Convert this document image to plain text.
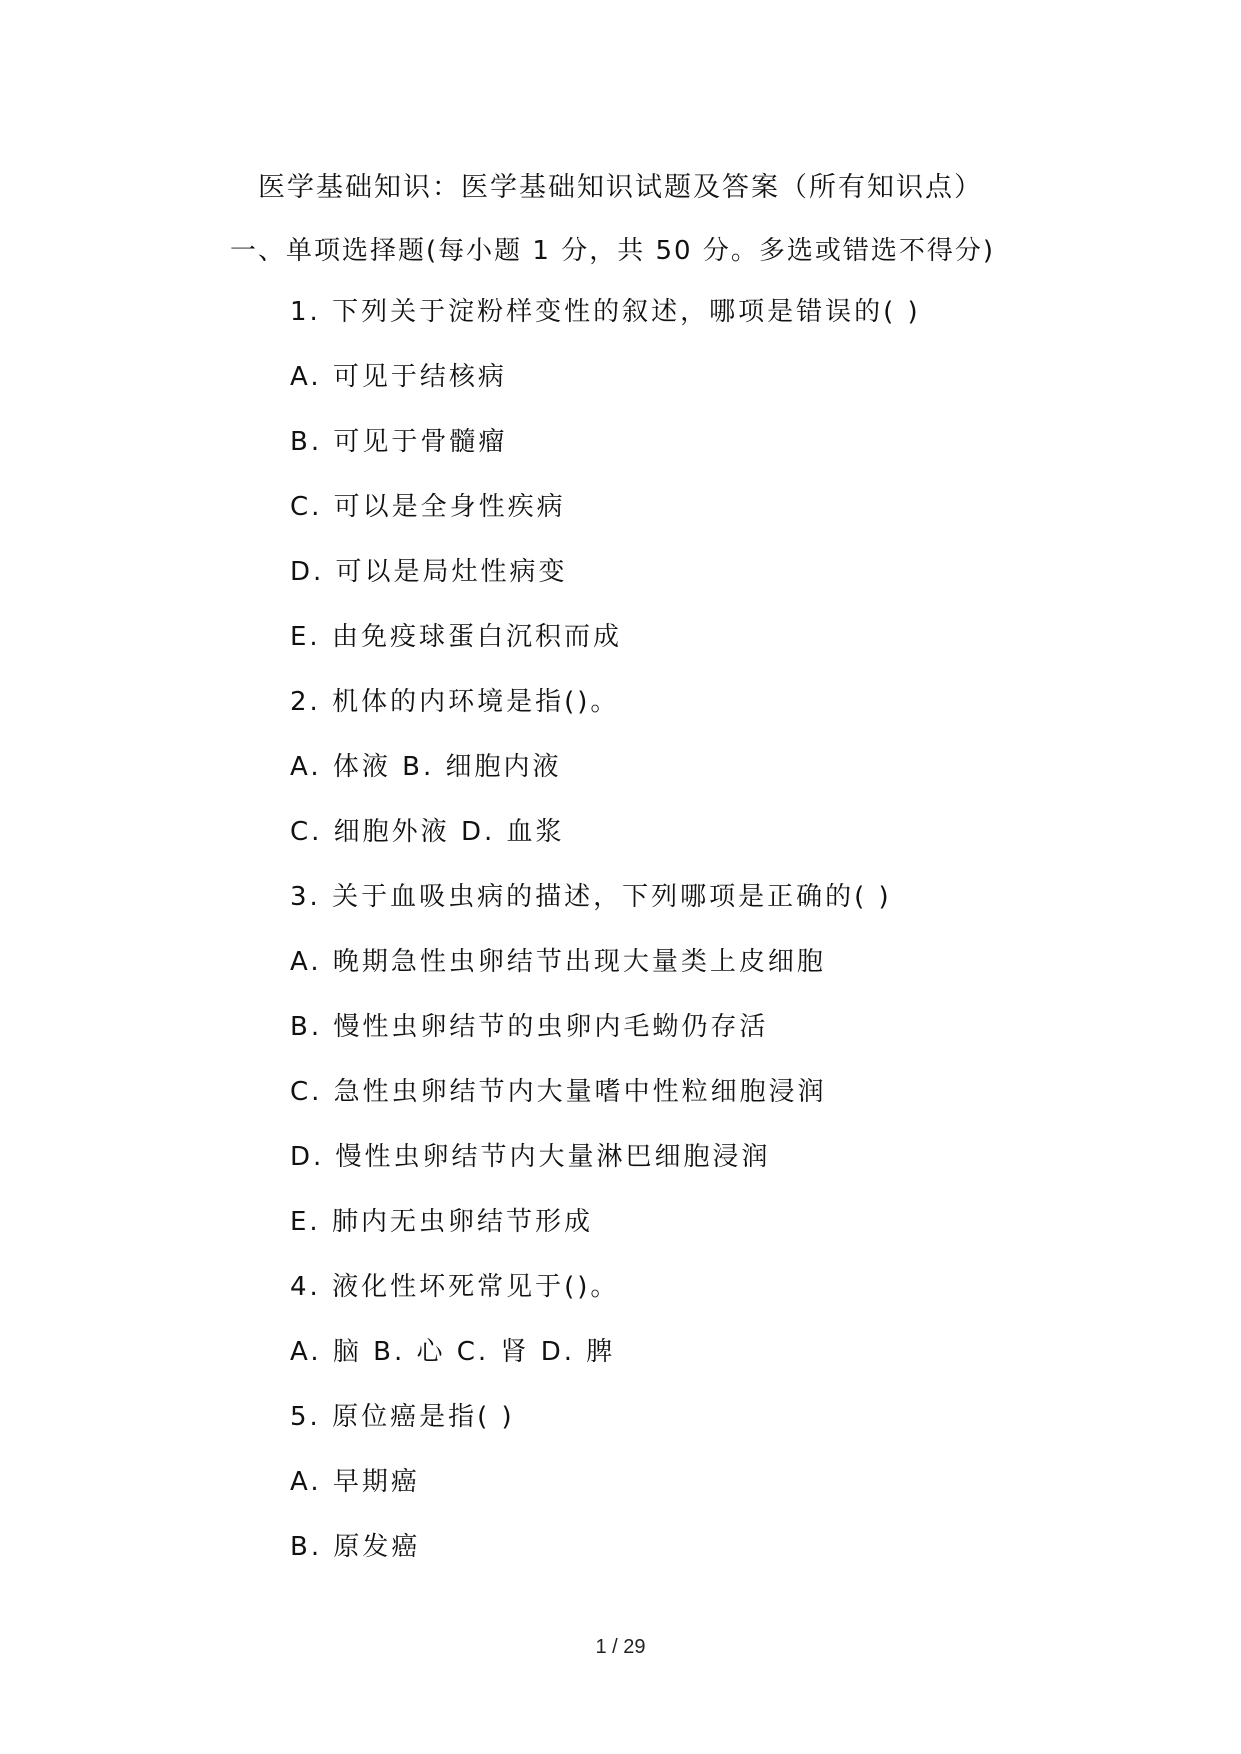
医学基础知识：医学基础知识试题及答案（所有知识点）
一、单项选择题(每小题 1 分，共 50 分。多选或错选不得分)
1. 下列关于淀粉样变性的叙述，哪项是错误的( )
A. 可见于结核病
B. 可见于骨髓瘤
C. 可以是全身性疾病
D. 可以是局灶性病变
E. 由免疫球蛋白沉积而成
2. 机体的内环境是指()。
A. 体液 B. 细胞内液
C. 细胞外液 D. 血浆
3. 关于血吸虫病的描述，下列哪项是正确的( )
A. 晚期急性虫卵结节出现大量类上皮细胞
B. 慢性虫卵结节的虫卵内毛蚴仍存活
C. 急性虫卵结节内大量嗜中性粒细胞浸润
D. 慢性虫卵结节内大量淋巴细胞浸润
E. 肺内无虫卵结节形成
4. 液化性坏死常见于()。
A. 脑 B. 心 C. 肾 D. 脾
5. 原位癌是指( )
A. 早期癌
B. 原发癌
1 / 29
